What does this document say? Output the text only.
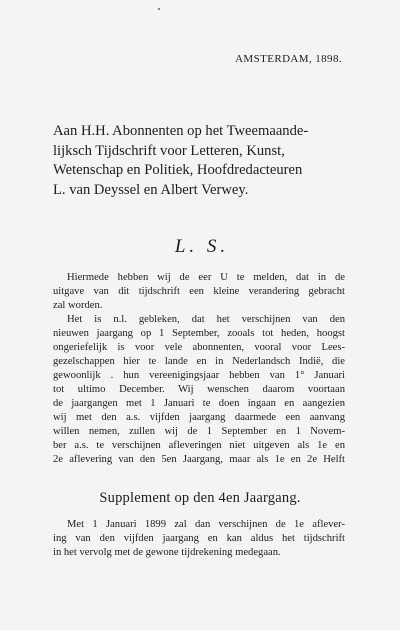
AMSTERDAM, 1898.
Aan H.H. Abonnenten op het Tweemaande-
lijksch Tijdschrift voor Letteren, Kunst,
Wetenschap en Politiek, Hoofdredacteuren
L. van Deyssel en Albert Verwey.
L. S.
Hiermede hebben wij de eer U te melden, dat in de
uitgave van dit tijdschrift een kleine verandering gebracht
zal worden.
Het is n.l. gebleken, dat het verschijnen van den
nieuwen jaargang op 1 September, zooals tot heden, hoogst
ongeriefelijk is voor vele abonnenten, vooral voor Lees-
gezelschappen hier te lande en in Nederlandsch Indië, die
gewoonlijk . hun vereenigingsjaar hebben van 1° Januari
tot ultimo December. Wij wenschen daarom voortaan
de jaargangen met 1 Januari te doen ingaan en aangezien
wij met den a.s. vijfden jaargang daarmede een aanvang
willen nemen, zullen wij de 1 September en 1 Novem-
ber a.s. te verschijnen afleveringen niet uitgeven als 1e en
2e aflevering van den 5en Jaargang, maar als 1e en 2e Helft
Supplement op den 4en Jaargang.
Met 1 Januari 1899 zal dan verschijnen de 1e aflever-
ing van den vijfden jaargang en kan aldus het tijdschrift
in het vervolg met de gewone tijdrekening medegaan.
